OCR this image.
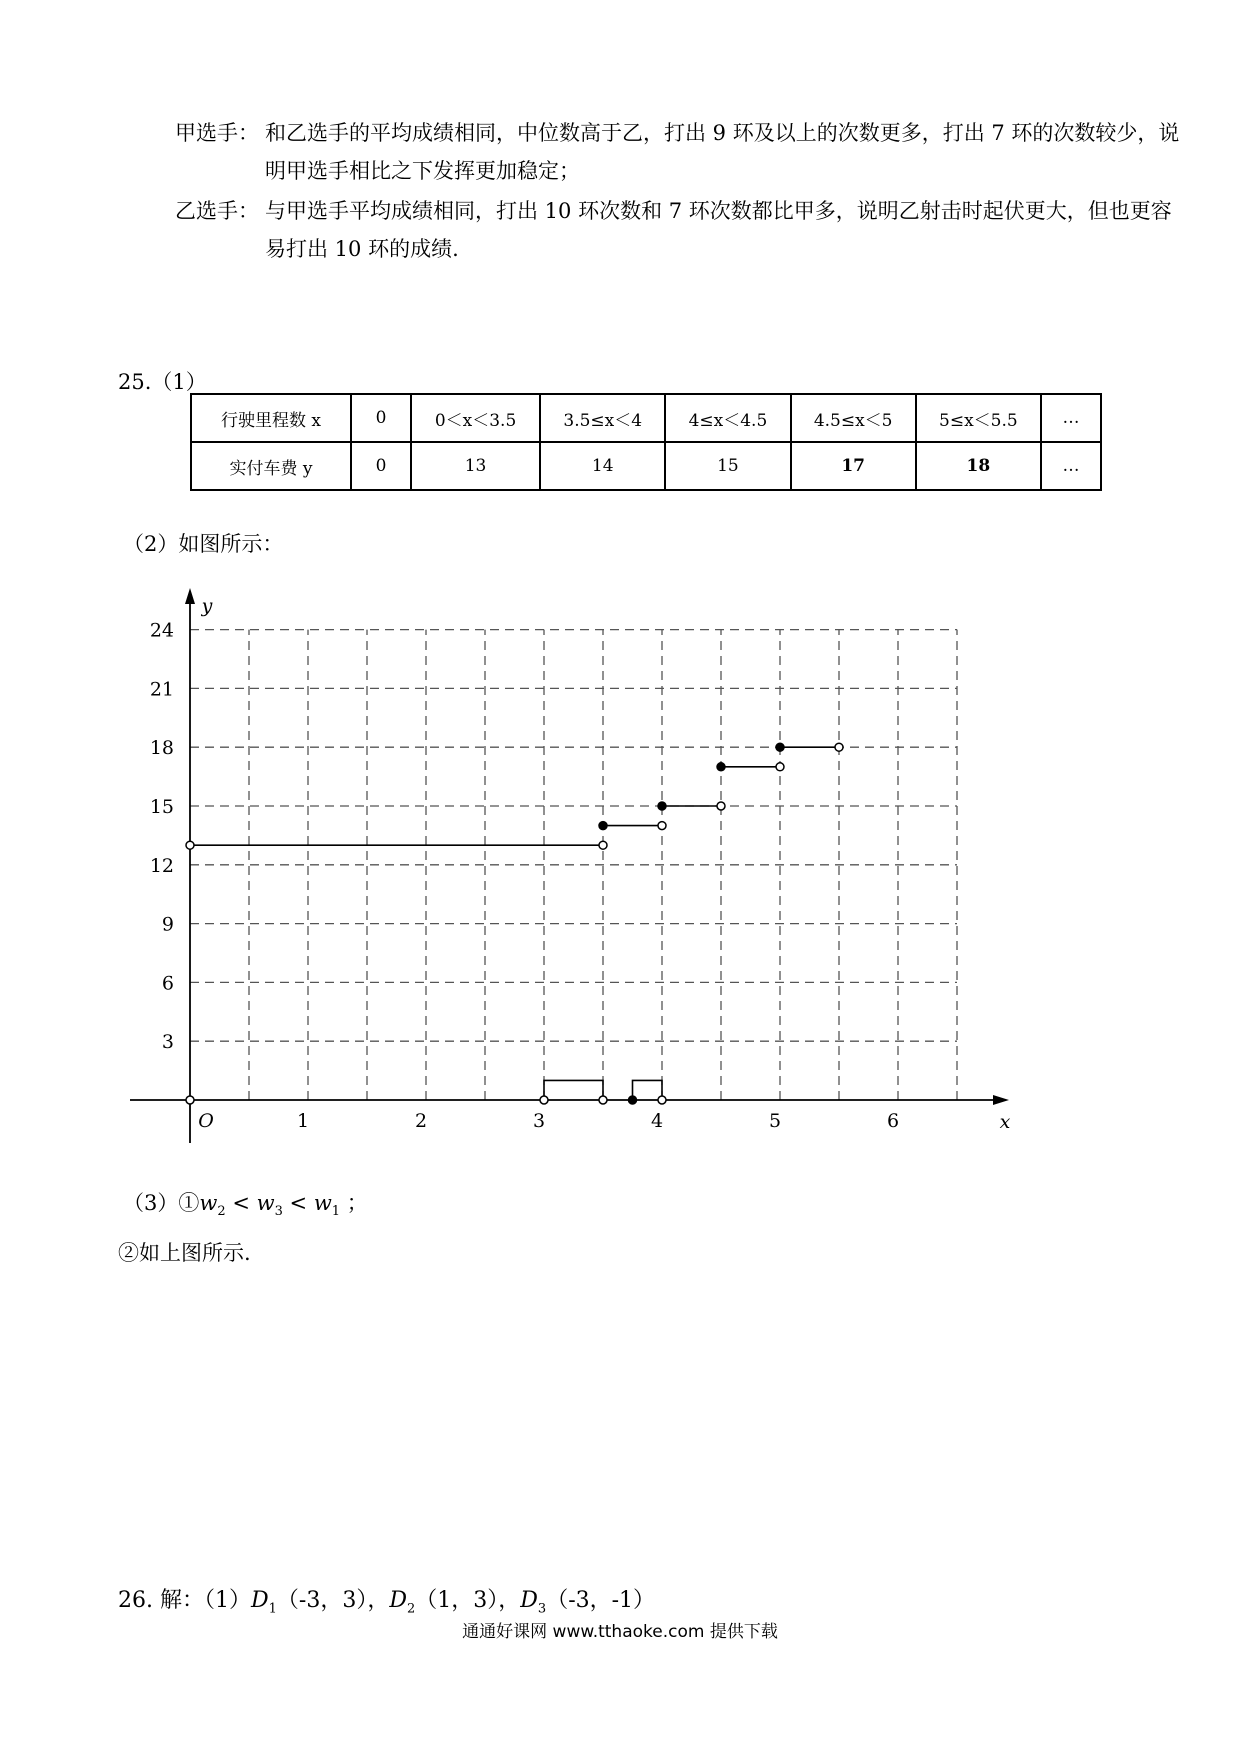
甲选手： 和乙选手的平均成绩相同，中位数高于乙，打出 9 环及以上的次数更多，打出 7 环的次数较少，说明甲选手相比之下发挥更加稳定；
乙选手： 与甲选手平均成绩相同，打出 10 环次数和 7 环次数都比甲多，说明乙射击时起伏更大，但也更容易打出 10 环的成绩.
25.（1）
行驶里程数 x	0	0＜x＜3.5	3.5≤x＜4	4≤x＜4.5	4.5≤x＜5	5≤x＜5.5	…
实付车费 y	0	13	14	15	17	18	…
（2）如图所示：
x
y
O	1	2	3	4	5	6
3
6
9
12
15
18
21
24
$(3)①w_2 < w_3 < w_1$ ；
②如上图所示.
26. 解：$(1)D_1(-3$，3），$D_2(1$，3），$D_3(-3$，-1）
通通好课网 www.tthaoke.com 提供下载
